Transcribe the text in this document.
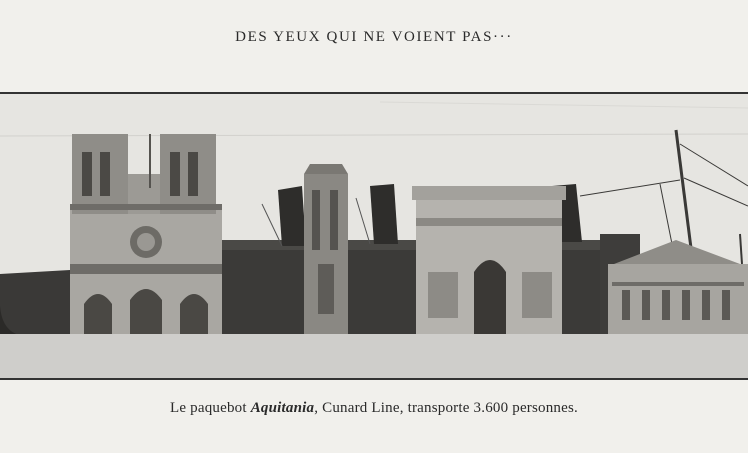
DES YEUX QUI NE VOIENT PAS···
Le paquebot Aquitania, Cunard Line, transporte 3.600 personnes.
